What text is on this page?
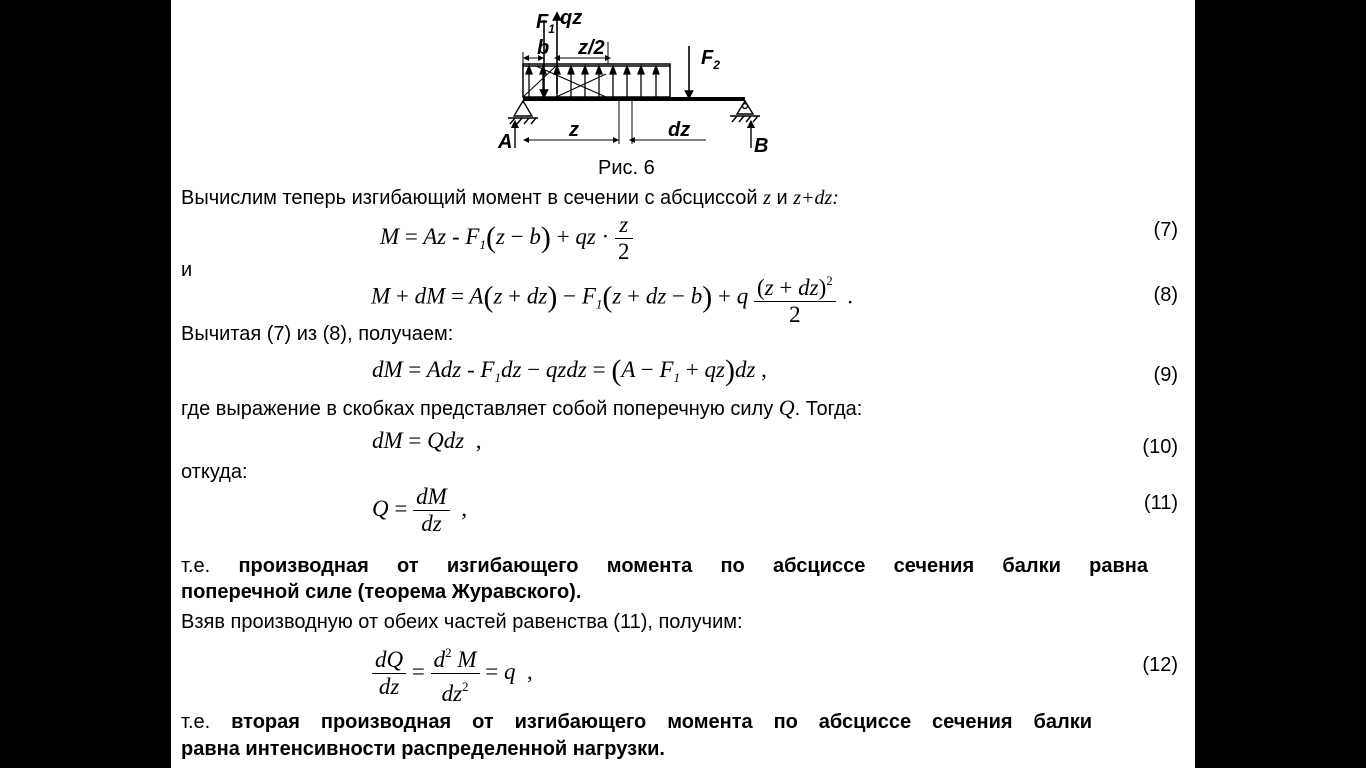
$F_1$ qz
b z/2	$F_2$
A	B
z	dz
Рис. 6
Вычислим теперь изгибающий момент в сечении с абсциссой z и z+dz:
$M = Az - F_1(z - b)$ + qz · $\frac{z}{2}$	(7)
и
M + dM = $A(z + dz) - F_1(z$ + dz − b) + q $\frac{(z + dz)^2}{2}$ .	(8)
Вычитая (7) из (8), получаем:
dM = Adz - $F_1dz$ − qzdz = $(A - F_1 + qz)dz$ ,	(9)
где выражение в скобках представляет собой поперечную силу Q. Тогда:
dM = Qdz  ,	(10)
откуда:
$Q = \frac{dM}{dz}$ ,	(11)
т.е. производная от изгибающего момента по абсциссе сечения балки равна
поперечной силе (теорема Журавского).
Взяв производную от обеих частей равенства (11), получим:
$\frac{dQ}{dz} = \frac{d^2 M}{dz^2} = q$  ,	(12)
т.е. вторая производная от изгибающего момента по абсциссе сечения балки
равна интенсивности распределенной нагрузки.
